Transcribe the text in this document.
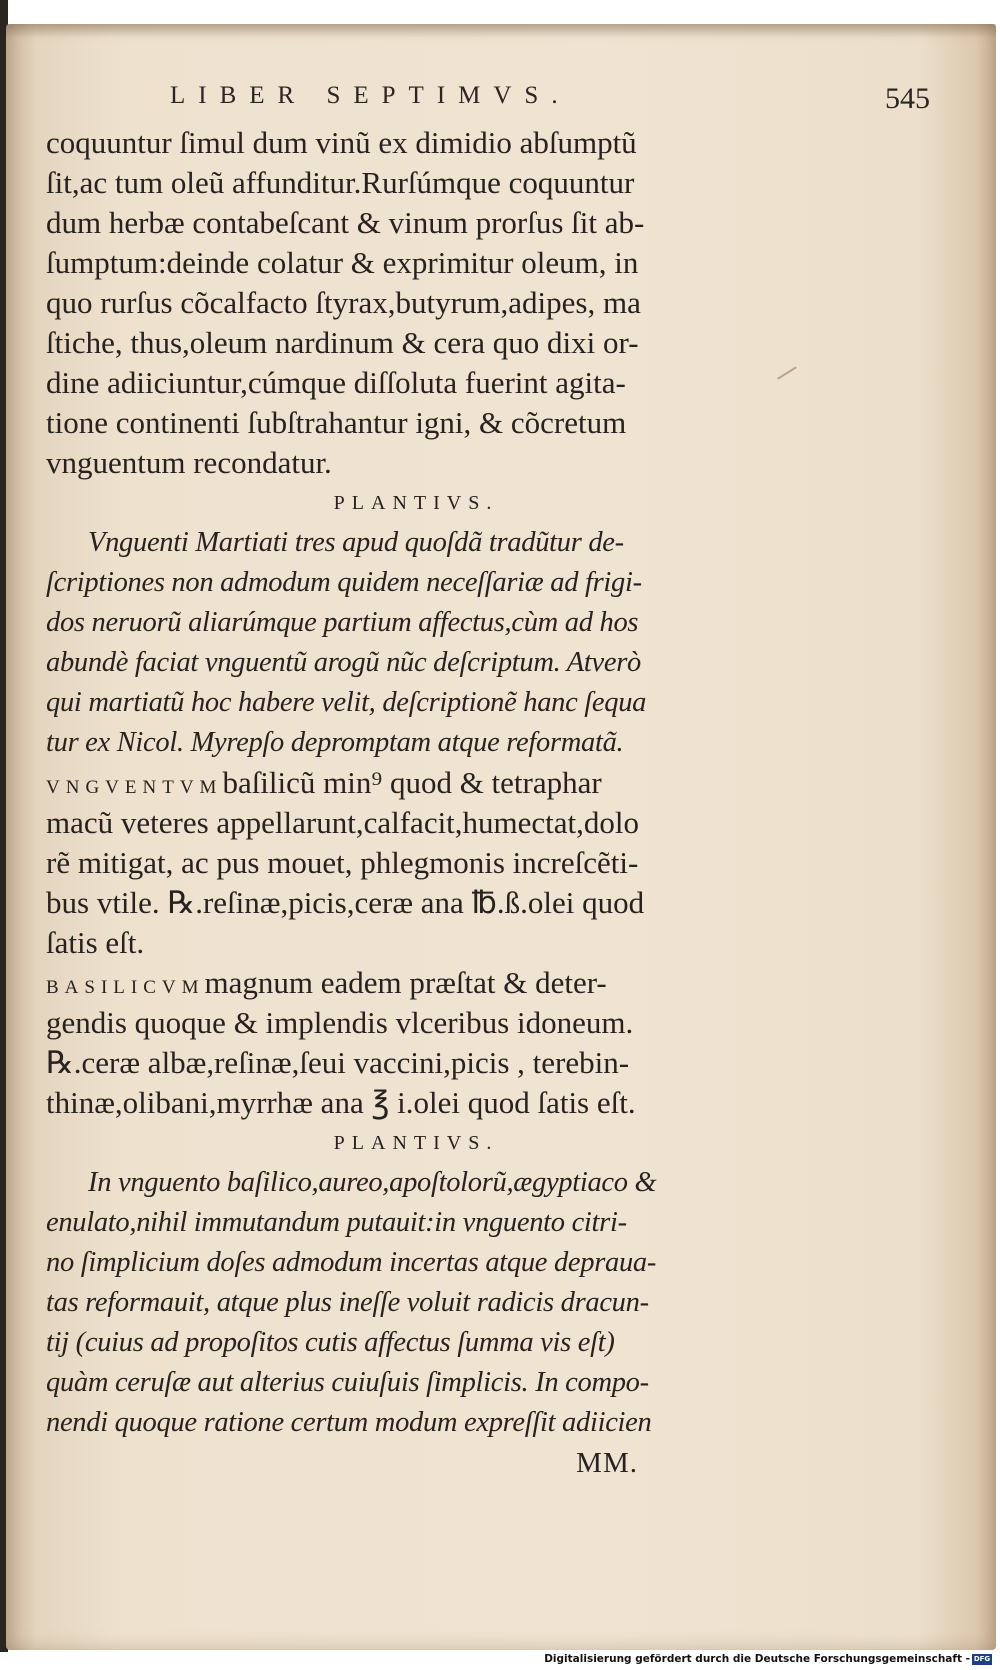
LIBER SEPTIMVS.	545
coquuntur ſimul dum vinũ ex dimidio abſumptũ
ſit,ac tum oleũ affunditur.Rurſúmque coquuntur
dum herbæ contabeſcant & vinum prorſus ſit ab-
ſumptum:deinde colatur & exprimitur oleum, in
quo rurſus cõcalfacto ſtyrax,butyrum,adipes, ma
ſtiche, thus,oleum nardinum & cera quo dixi or-
dine adiiciuntur,cúmque diſſoluta fuerint agita-
tione continenti ſubſtrahantur igni, & cõcretum
vnguentum recondatur.
PLANTIVS.
Vnguenti Martiati tres apud quoſdã tradũtur de-
ſcriptiones non admodum quidem neceſſariæ ad frigi-
dos neruorũ aliarúmque partium affectus,cùm ad hos
abundè faciat vnguentũ arogũ nũc deſcriptum. Atverò
qui martiatũ hoc habere velit, deſcriptionẽ hanc ſequa
tur ex Nicol. Myrepſo depromptam atque reformatã.
VNGVENTVMbaſilicũ min⁹ quod & tetraphar
macũ veteres appellarunt,calfacit,humectat,dolo
rẽ mitigat, ac pus mouet, phlegmonis increſcẽti-
bus vtile. ℞.reſinæ,picis,ceræ ana ℔.ß.olei quod
ſatis eſt.
BASILICVMmagnum eadem præſtat & deter-
gendis quoque & implendis vlceribus idoneum.
℞.ceræ albæ,reſinæ,ſeui vaccini,picis , terebin-
thinæ,olibani,myrrhæ ana ℥ i.olei quod ſatis eſt.
PLANTIVS.
In vnguento baſilico,aureo,apoſtolorũ,ægyptiaco &
enulato,nihil immutandum putauit:in vnguento citri-
no ſimplicium doſes admodum incertas atque deprauа-
tas reformauit, atque plus ineſſe voluit radicis dracun-
tij (cuius ad propoſitos cutis affectus ſumma vis eſt)
quàm ceruſæ aut alterius cuiuſuis ſimplicis. In compo-
nendi quoque ratione certum modum expreſſit adiicien
MM.
Digitalisierung gefördert durch die Deutsche Forschungsgemeinschaft - DFG
